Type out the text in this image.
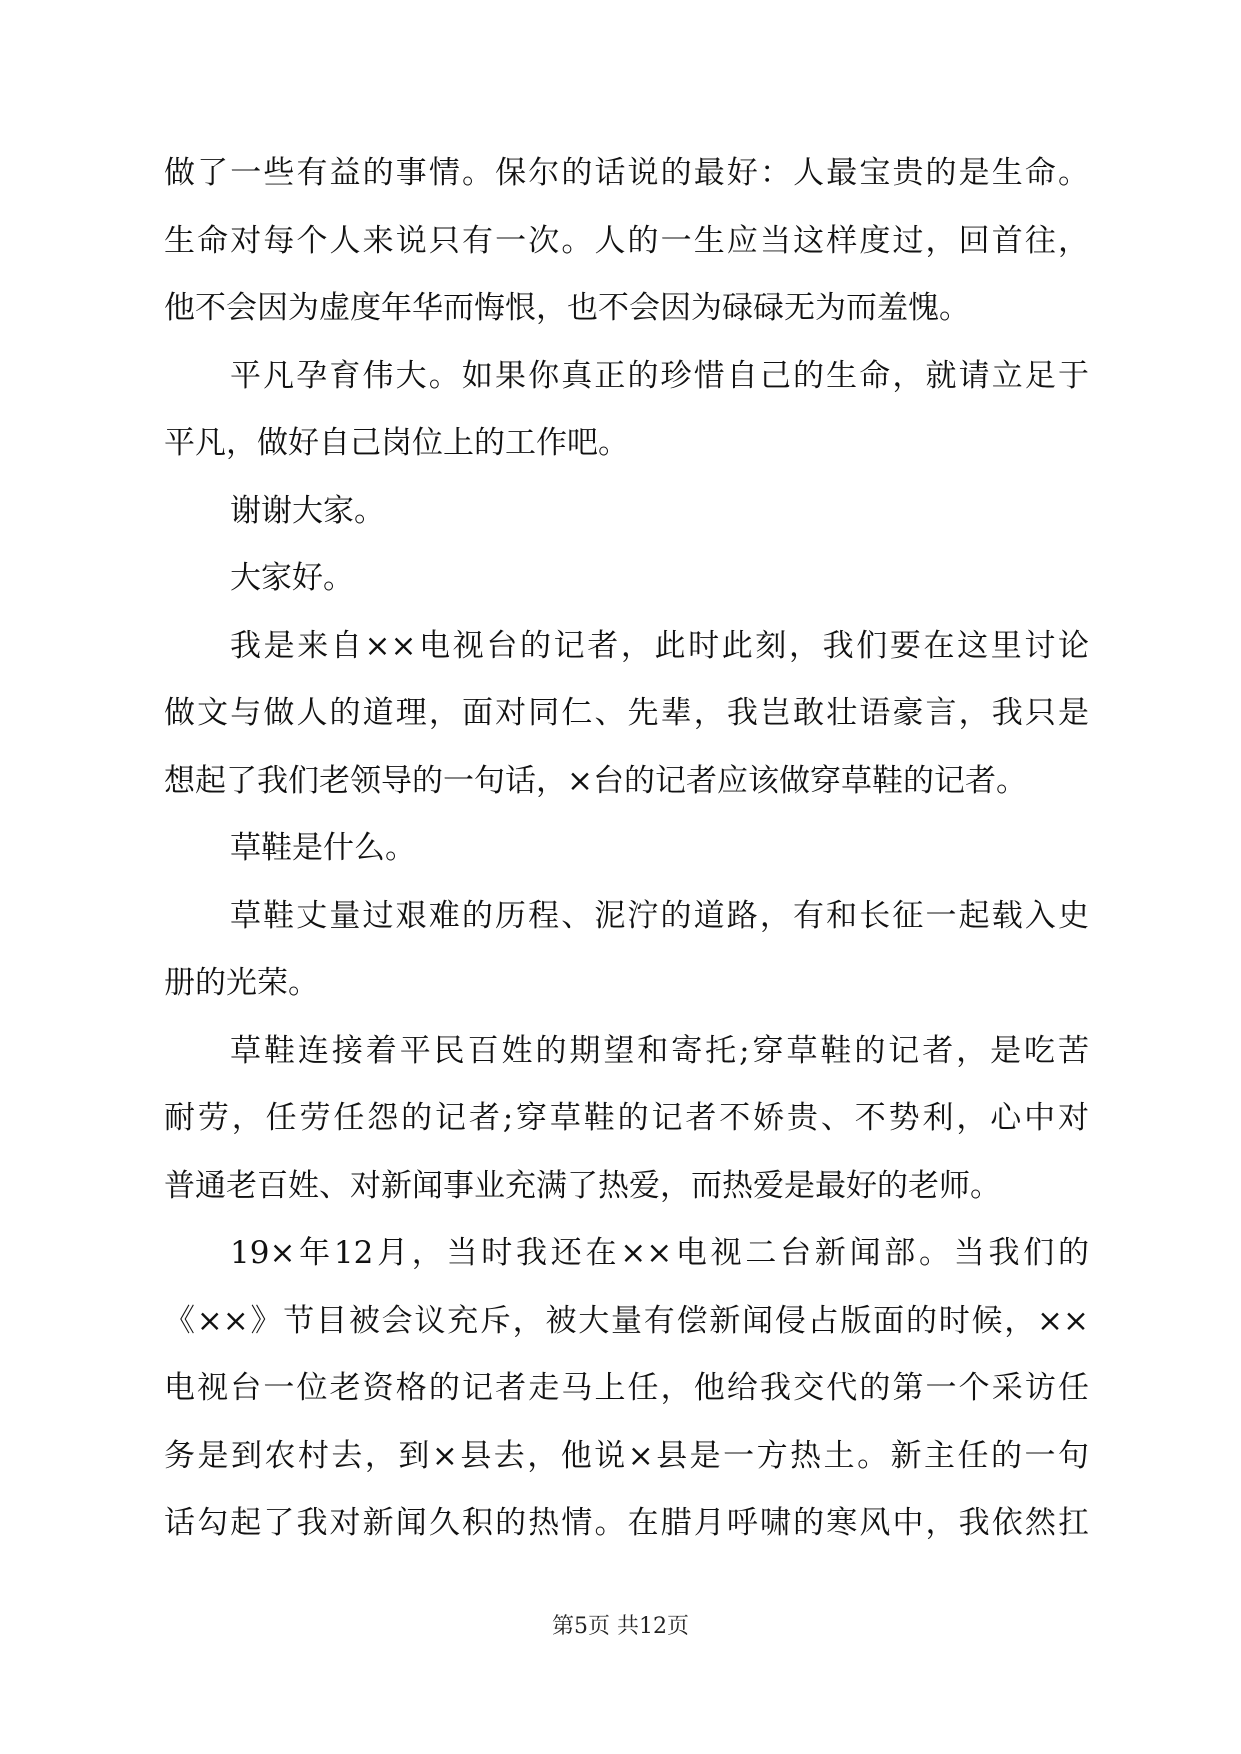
做了一些有益的事情。保尔的话说的最好：人最宝贵的是生命。
生命对每个人来说只有一次。人的一生应当这样度过，回首往，
他不会因为虚度年华而悔恨，也不会因为碌碌无为而羞愧。
平凡孕育伟大。如果你真正的珍惜自己的生命，就请立足于
平凡，做好自己岗位上的工作吧。
谢谢大家。
大家好。
我是来自××电视台的记者，此时此刻，我们要在这里讨论
做文与做人的道理，面对同仁、先辈，我岂敢壮语豪言，我只是
想起了我们老领导的一句话，×台的记者应该做穿草鞋的记者。
草鞋是什么。
草鞋丈量过艰难的历程、泥泞的道路，有和长征一起载入史
册的光荣。
草鞋连接着平民百姓的期望和寄托;穿草鞋的记者，是吃苦
耐劳，任劳任怨的记者;穿草鞋的记者不娇贵、不势利，心中对
普通老百姓、对新闻事业充满了热爱，而热爱是最好的老师。
19×年12月，当时我还在××电视二台新闻部。当我们的
《××》节目被会议充斥，被大量有偿新闻侵占版面的时候，××
电视台一位老资格的记者走马上任，他给我交代的第一个采访任
务是到农村去，到×县去，他说×县是一方热土。新主任的一句
话勾起了我对新闻久积的热情。在腊月呼啸的寒风中，我依然扛
第5页 共12页
